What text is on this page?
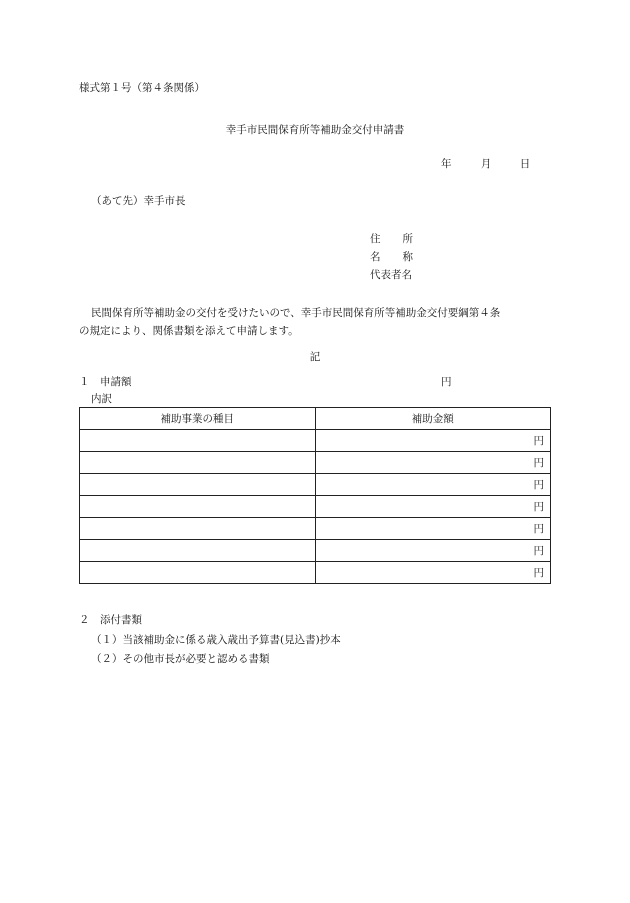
様式第１号（第４条関係）
幸手市民間保育所等補助金交付申請書
年	月	日
（あて先）幸手市長
住所
名称
代表者名
民間保育所等補助金の交付を受けたいので、幸手市民間保育所等補助金交付要綱第４条
の規定により、関係書類を添えて申請します。
記
１　申請額	円
内訳
補助事業の種目	補助金額
	円
	円
	円
	円
	円
	円
	円
２　添付書類
（１）当該補助金に係る歳入歳出予算書(見込書)抄本
（２）その他市長が必要と認める書類
